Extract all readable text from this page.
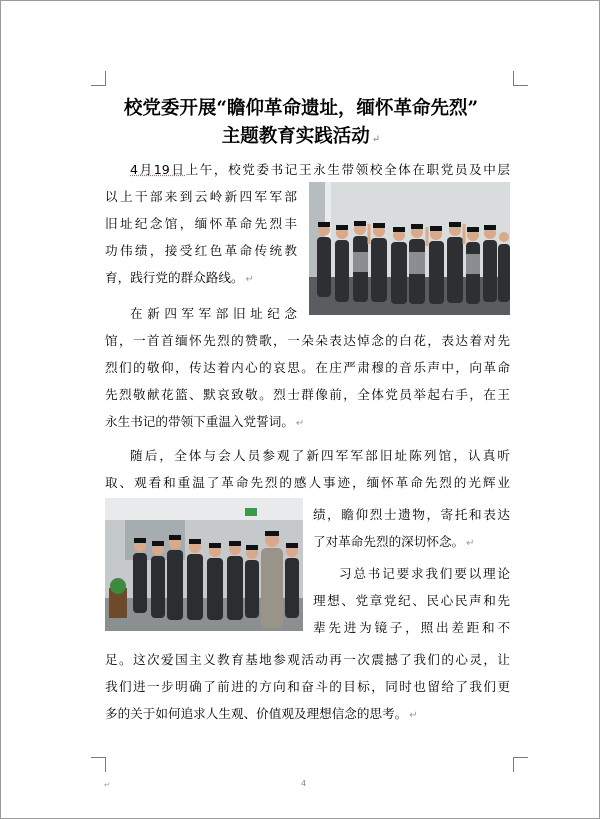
校党委开展“瞻仰革命遗址，缅怀革命先烈”
主题教育实践活动 ↵
4月19日上午，校党委书记王永生带领校全体在职党员及中层
以上干部来到云岭新四军军部
旧址纪念馆，缅怀革命先烈丰
功伟绩，接受红色革命传统教
育，践行党的群众路线。 ↵
在新四军军部旧址纪念
馆，一首首缅怀先烈的赞歌，一朵朵表达悼念的白花，表达着对先
烈们的敬仰，传达着内心的哀思。在庄严肃穆的音乐声中，向革命
先烈敬献花篮、默哀致敬。烈士群像前，全体党员举起右手，在王
永生书记的带领下重温入党誓词。 ↵
随后，全体与会人员参观了新四军军部旧址陈列馆，认真听
取、观看和重温了革命先烈的感人事迹，缅怀革命先烈的光辉业
绩，瞻仰烈士遗物，寄托和表达
了对革命先烈的深切怀念。 ↵
习总书记要求我们要以理论
理想、党章党纪、民心民声和先
辈先进为镜子，照出差距和不
足。这次爱国主义教育基地参观活动再一次震撼了我们的心灵，让
我们进一步明确了前进的方向和奋斗的目标，同时也留给了我们更
多的关于如何追求人生观、价值观及理想信念的思考。 ↵
4
↵
